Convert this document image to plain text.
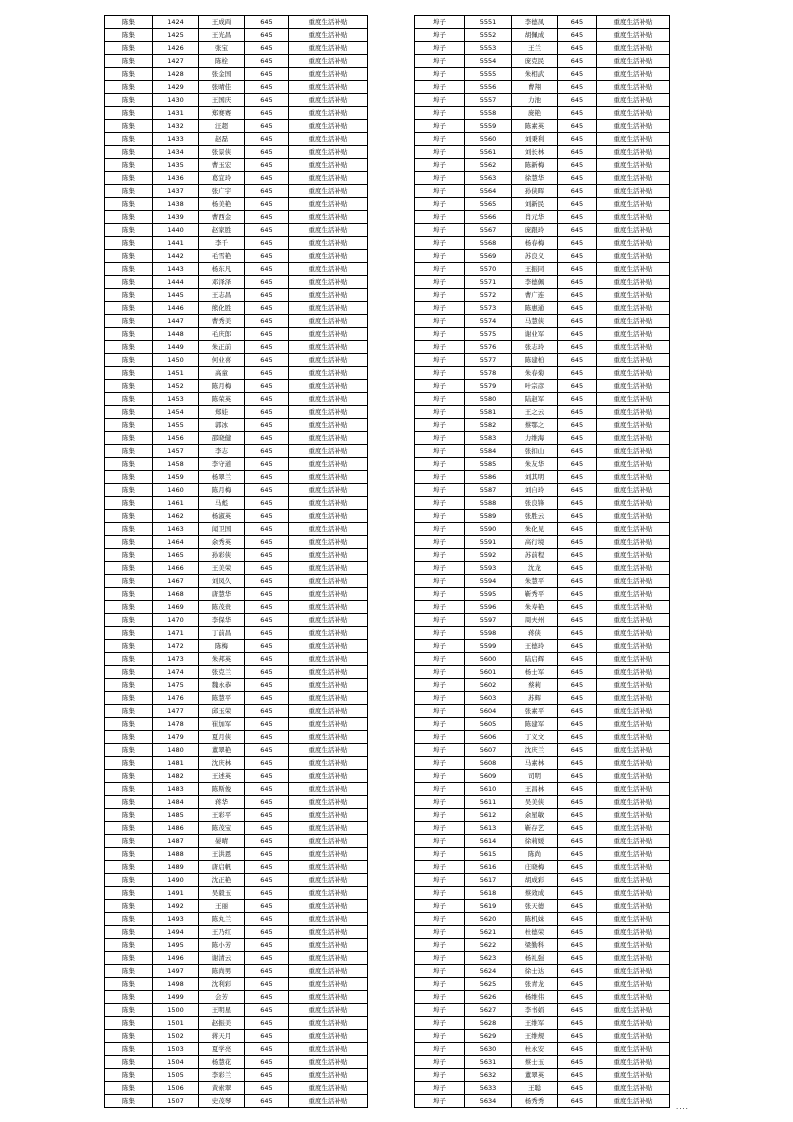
陈集	1424	王成両	645	重度生活补贴
陈集	1425	王光昌	645	重度生活补贴
陈集	1426	张宝	645	重度生活补贴
陈集	1427	陈栓	645	重度生活补贴
陈集	1428	张金国	645	重度生活补贴
陈集	1429	张晴佳	645	重度生活补贴
陈集	1430	王国庆	645	重度生活补贴
陈集	1431	郑赛赛	645	重度生活补贴
陈集	1432	汪超	645	重度生活补贴
陈集	1433	赵磊	645	重度生活补贴
陈集	1434	张景侠	645	重度生活补贴
陈集	1435	曹玉宏	645	重度生活补贴
陈集	1436	葛宜玲	645	重度生活补贴
陈集	1437	张广宇	645	重度生活补贴
陈集	1438	杨美艳	645	重度生活补贴
陈集	1439	曹西金	645	重度生活补贴
陈集	1440	赵家胜	645	重度生活补贴
陈集	1441	李千	645	重度生活补贴
陈集	1442	毛雪艳	645	重度生活补贴
陈集	1443	杨东凡	645	重度生活补贴
陈集	1444	邓泽泽	645	重度生活补贴
陈集	1445	王志昌	645	重度生活补贴
陈集	1446	熊化胜	645	重度生活补贴
陈集	1447	曹秀美	645	重度生活补贴
陈集	1448	毛庆郎	645	重度生活补贴
陈集	1449	朱正前	645	重度生活补贴
陈集	1450	何业喜	645	重度生活补贴
陈集	1451	高童	645	重度生活补贴
陈集	1452	陈月梅	645	重度生活补贴
陈集	1453	陈荣英	645	重度生活补贴
陈集	1454	郑娃	645	重度生活补贴
陈集	1455	郭冰	645	重度生活补贴
陈集	1456	邵晓健	645	重度生活补贴
陈集	1457	李志	645	重度生活补贴
陈集	1458	李守道	645	重度生活补贴
陈集	1459	杨翠兰	645	重度生活补贴
陈集	1460	陈月梅	645	重度生活补贴
陈集	1461	马彪	645	重度生活补贴
陈集	1462	杨淑英	645	重度生活补贴
陈集	1463	闻卫国	645	重度生活补贴
陈集	1464	余秀英	645	重度生活补贴
陈集	1465	孙彩侠	645	重度生活补贴
陈集	1466	王美荣	645	重度生活补贴
陈集	1467	刘凤久	645	重度生活补贴
陈集	1468	唐慧华	645	重度生活补贴
陈集	1469	陈茂贵	645	重度生活补贴
陈集	1470	李保华	645	重度生活补贴
陈集	1471	丁前昌	645	重度生活补贴
陈集	1472	陈梅	645	重度生活补贴
陈集	1473	朱邦英	645	重度生活补贴
陈集	1474	张克兰	645	重度生活补贴
陈集	1475	魏永恭	645	重度生活补贴
陈集	1476	陈慧平	645	重度生活补贴
陈集	1477	邱玉荣	645	重度生活补贴
陈集	1478	崔加军	645	重度生活补贴
陈集	1479	夏月侠	645	重度生活补贴
陈集	1480	董翠艳	645	重度生活补贴
陈集	1481	沈庆林	645	重度生活补贴
陈集	1482	王述英	645	重度生活补贴
陈集	1483	陈斯俊	645	重度生活补贴
陈集	1484	蒋华	645	重度生活补贴
陈集	1485	王彩平	645	重度生活补贴
陈集	1486	陈茂宝	645	重度生活补贴
陈集	1487	晏晴	645	重度生活补贴
陈集	1488	王洪恩	645	重度生活补贴
陈集	1489	唐启帆	645	重度生活补贴
陈集	1490	沈正艳	645	重度生活补贴
陈集	1491	吴毅玉	645	重度生活补贴
陈集	1492	王丽	645	重度生活补贴
陈集	1493	陈丸兰	645	重度生活补贴
陈集	1494	王乃红	645	重度生活补贴
陈集	1495	陈小芳	645	重度生活补贴
陈集	1496	谢清云	645	重度生活补贴
陈集	1497	陈尚男	645	重度生活补贴
陈集	1498	沈利彩	645	重度生活补贴
陈集	1499	会芳	645	重度生活补贴
陈集	1500	王明星	645	重度生活补贴
陈集	1501	赵振美	645	重度生活补贴
陈集	1502	蒋天月	645	重度生活补贴
陈集	1503	夏学亮	645	重度生活补贴
陈集	1504	杨慧花	645	重度生活补贴
陈集	1505	李彩兰	645	重度生活补贴
陈集	1506	黄索翠	645	重度生活补贴
陈集	1507	史茂琴	645	重度生活补贴
埠子	5551	李德凤	645	重度生活补贴
埠子	5552	胡佩成	645	重度生活补贴
埠子	5553	王兰	645	重度生活补贴
埠子	5554	庞克民	645	重度生活补贴
埠子	5555	朱相武	645	重度生活补贴
埠子	5556	曹翔	645	重度生活补贴
埠子	5557	力池	645	重度生活补贴
埠子	5558	庞艳	645	重度生活补贴
埠子	5559	陈素英	645	重度生活补贴
埠子	5560	刘秉利	645	重度生活补贴
埠子	5561	刘长林	645	重度生活补贴
埠子	5562	陈新梅	645	重度生活补贴
埠子	5563	徐慧华	645	重度生活补贴
埠子	5564	孙侠晖	645	重度生活补贴
埠子	5565	刘新民	645	重度生活补贴
埠子	5566	肖元华	645	重度生活补贴
埠子	5567	庞跟玲	645	重度生活补贴
埠子	5568	杨春梅	645	重度生活补贴
埠子	5569	苏良义	645	重度生活补贴
埠子	5570	王振同	645	重度生活补贴
埠子	5571	李德佩	645	重度生活补贴
埠子	5572	曹广连	645	重度生活补贴
埠子	5573	陈惠通	645	重度生活补贴
埠子	5574	马慧侠	645	重度生活补贴
埠子	5575	谢业军	645	重度生活补贴
埠子	5576	张志玲	645	重度生活补贴
埠子	5577	陈建柏	645	重度生活补贴
埠子	5578	朱春菊	645	重度生活补贴
埠子	5579	叶宗彦	645	重度生活补贴
埠子	5580	陆赵军	645	重度生活补贴
埠子	5581	王之云	645	重度生活补贴
埠子	5582	蔡鄂之	645	重度生活补贴
埠子	5583	力维海	645	重度生活补贴
埠子	5584	张扣山	645	重度生活补贴
埠子	5585	朱友华	645	重度生活补贴
埠子	5586	刘其明	645	重度生活补贴
埠子	5587	刘自玲	645	重度生活补贴
埠子	5588	张良锋	645	重度生活补贴
埠子	5589	张胜云	645	重度生活补贴
埠子	5590	朱化见	645	重度生活补贴
埠子	5591	高行境	645	重度生活补贴
埠子	5592	苏前程	645	重度生活补贴
埠子	5593	沈龙	645	重度生活补贴
埠子	5594	朱慧平	645	重度生活补贴
埠子	5595	靳秀平	645	重度生活补贴
埠子	5596	朱寿艳	645	重度生活补贴
埠子	5597	周夫州	645	重度生活补贴
埠子	5598	蒋侠	645	重度生活补贴
埠子	5599	王德玲	645	重度生活补贴
埠子	5600	陆启辉	645	重度生活补贴
埠子	5601	杨士军	645	重度生活补贴
埠子	5602	蔡莉	645	重度生活补贴
埠子	5603	苏辉	645	重度生活补贴
埠子	5604	张素平	645	重度生活补贴
埠子	5605	陈建军	645	重度生活补贴
埠子	5606	丁义文	645	重度生活补贴
埠子	5607	沈庆兰	645	重度生活补贴
埠子	5608	马素林	645	重度生活补贴
埠子	5609	司明	645	重度生活补贴
埠子	5610	王昌林	645	重度生活补贴
埠子	5611	吴美侠	645	重度生活补贴
埠子	5612	余星敏	645	重度生活补贴
埠子	5613	靳存艺	645	重度生活补贴
埠子	5614	徐莉媛	645	重度生活补贴
埠子	5615	陈尚	645	重度生活补贴
埠子	5616	庄晓梅	645	重度生活补贴
埠子	5617	胡成彩	645	重度生活补贴
埠子	5618	蔡效成	645	重度生活补贴
埠子	5619	张天德	645	重度生活补贴
埠子	5620	陈机妹	645	重度生活补贴
埠子	5621	杜德荣	645	重度生活补贴
埠子	5622	梁勤科	645	重度生活补贴
埠子	5623	杨礼强	645	重度生活补贴
埠子	5624	徐士达	645	重度生活补贴
埠子	5625	张青龙	645	重度生活补贴
埠子	5626	杨维伟	645	重度生活补贴
埠子	5627	李书娟	645	重度生活补贴
埠子	5628	王维军	645	重度生活补贴
埠子	5629	王维规	645	重度生活补贴
埠子	5630	杜永安	645	重度生活补贴
埠子	5631	蔡士玉	645	重度生活补贴
埠子	5632	董翠英	645	重度生活补贴
埠子	5633	王聪	645	重度生活补贴
埠子	5634	杨秀秀	645	重度生活补贴
....
